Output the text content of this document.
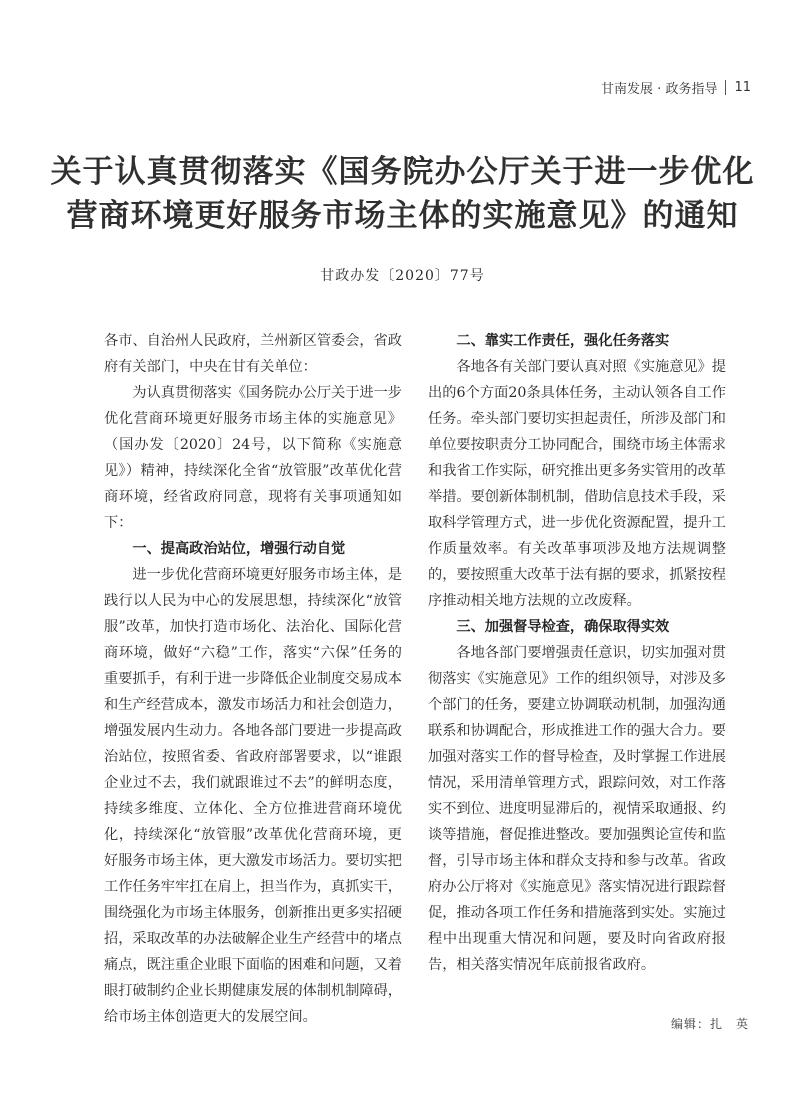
甘南发展 · 政务指导 11
关于认真贯彻落实《国务院办公厅关于进一步优化
营商环境更好服务市场主体的实施意见》的通知
甘政办发〔2020〕77号

各市、自治州人民政府，兰州新区管委会，省政府有关部门，中央在甘有关单位：

为认真贯彻落实《国务院办公厅关于进一步优化营商环境更好服务市场主体的实施意见》（国办发〔2020〕24号，以下简称《实施意见》）精神，持续深化全省“放管服”改革优化营商环境，经省政府同意，现将有关事项通知如下：

一、提高政治站位，增强行动自觉

进一步优化营商环境更好服务市场主体，是践行以人民为中心的发展思想，持续深化“放管服”改革，加快打造市场化、法治化、国际化营商环境，做好“六稳”工作，落实“六保”任务的重要抓手，有利于进一步降低企业制度交易成本和生产经营成本，激发市场活力和社会创造力，增强发展内生动力。各地各部门要进一步提高政治站位，按照省委、省政府部署要求，以“谁跟企业过不去，我们就跟谁过不去”的鲜明态度，持续多维度、立体化、全方位推进营商环境优化，持续深化“放管服”改革优化营商环境，更好服务市场主体，更大激发市场活力。要切实把工作任务牢牢扛在肩上，担当作为，真抓实干，围绕强化为市场主体服务，创新推出更多实招硬招，采取改革的办法破解企业生产经营中的堵点痛点，既注重企业眼下面临的困难和问题，又着眼打破制约企业长期健康发展的体制机制障碍，给市场主体创造更大的发展空间。

二、靠实工作责任，强化任务落实

各地各有关部门要认真对照《实施意见》提出的6个方面20条具体任务，主动认领各自工作任务。牵头部门要切实担起责任，所涉及部门和单位要按职责分工协同配合，围绕市场主体需求和我省工作实际，研究推出更多务实管用的改革举措。要创新体制机制，借助信息技术手段，采取科学管理方式，进一步优化资源配置，提升工作质量效率。有关改革事项涉及地方法规调整的，要按照重大改革于法有据的要求，抓紧按程序推动相关地方法规的立改废释。

三、加强督导检查，确保取得实效

各地各部门要增强责任意识，切实加强对贯彻落实《实施意见》工作的组织领导，对涉及多个部门的任务，要建立协调联动机制，加强沟通联系和协调配合，形成推进工作的强大合力。要加强对落实工作的督导检查，及时掌握工作进展情况，采用清单管理方式，跟踪问效，对工作落实不到位、进度明显滞后的，视情采取通报、约谈等措施，督促推进整改。要加强舆论宣传和监督，引导市场主体和群众支持和参与改革。省政府办公厅将对《实施意见》落实情况进行跟踪督促，推动各项工作任务和措施落到实处。实施过程中出现重大情况和问题，要及时向省政府报告，相关落实情况年底前报省政府。

编辑：扎　英
